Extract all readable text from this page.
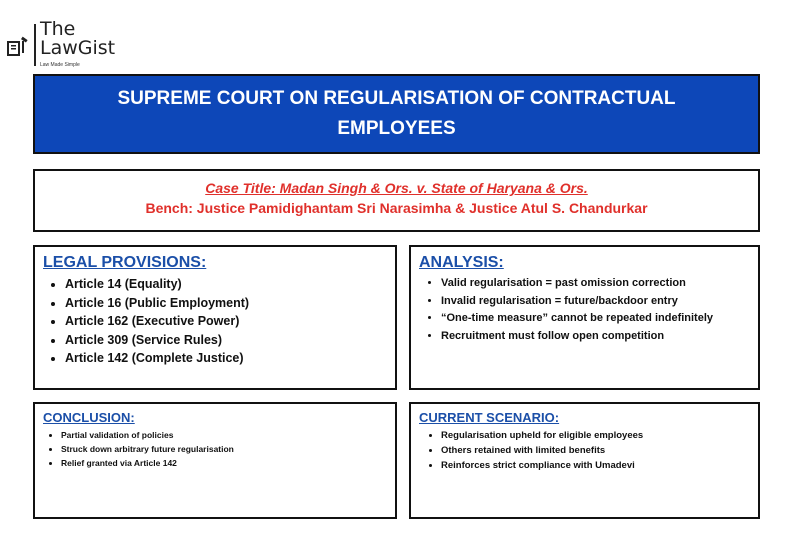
The
LawGist
Law Made Simple
SUPREME COURT ON REGULARISATION OF CONTRACTUAL EMPLOYEES
Case Title: Madan Singh & Ors. v. State of Haryana & Ors.
Bench: Justice Pamidighantam Sri Narasimha & Justice Atul S. Chandurkar

LEGAL PROVISIONS:

• Article 14 (Equality)
• Article 16 (Public Employment)
• Article 162 (Executive Power)
• Article 309 (Service Rules)
• Article 142 (Complete Justice)

ANALYSIS:

• Valid regularisation = past omission correction
• Invalid regularisation = future/backdoor entry
• “One-time measure” cannot be repeated indefinitely
• Recruitment must follow open competition

CONCLUSION:

• Partial validation of policies
• Struck down arbitrary future regularisation
• Relief granted via Article 142

CURRENT SCENARIO:

• Regularisation upheld for eligible employees
• Others retained with limited benefits
• Reinforces strict compliance with Umadevi
